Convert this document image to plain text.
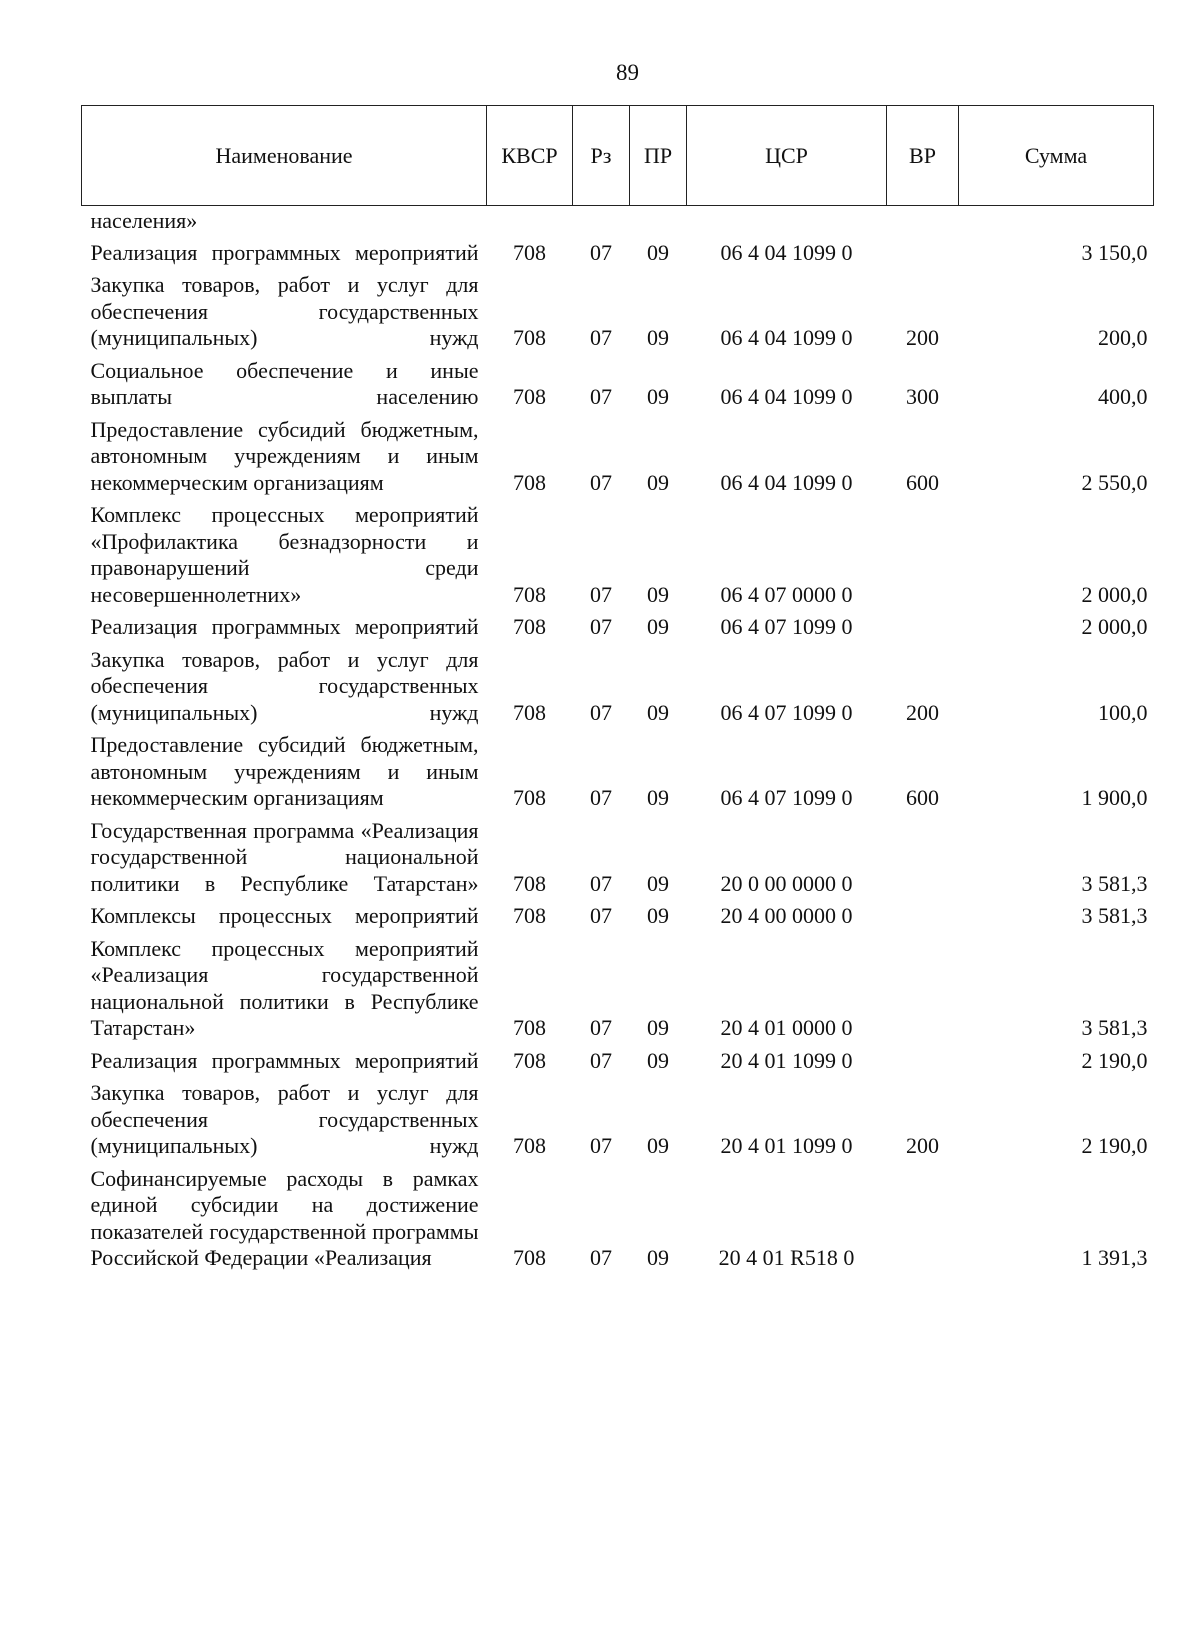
89
Наименование	КВСР	Рз	ПР	ЦСР	ВР	Сумма
населения»						
Реализация программных мероприятий	708	07	09	06 4 04 1099 0		3 150,0
Закупка товаров, работ и услуг для обеспечения государственных (муниципальных) нужд	708	07	09	06 4 04 1099 0	200	200,0
Социальное обеспечение и иные выплаты населению	708	07	09	06 4 04 1099 0	300	400,0
Предоставление субсидий бюджетным, автономным учреждениям и иным некоммерческим организациям	708	07	09	06 4 04 1099 0	600	2 550,0
Комплекс процессных мероприятий «Профилактика безнадзорности и правонарушений среди несовершеннолетних»	708	07	09	06 4 07 0000 0		2 000,0
Реализация программных мероприятий	708	07	09	06 4 07 1099 0		2 000,0
Закупка товаров, работ и услуг для обеспечения государственных (муниципальных) нужд	708	07	09	06 4 07 1099 0	200	100,0
Предоставление субсидий бюджетным, автономным учреждениям и иным некоммерческим организациям	708	07	09	06 4 07 1099 0	600	1 900,0
Государственная программа «Реализация государственной национальной политики в Республике Татарстан»	708	07	09	20 0 00 0000 0		3 581,3
Комплексы процессных мероприятий	708	07	09	20 4 00 0000 0		3 581,3
Комплекс процессных мероприятий «Реализация государственной национальной политики в Республике Татарстан»	708	07	09	20 4 01 0000 0		3 581,3
Реализация программных мероприятий	708	07	09	20 4 01 1099 0		2 190,0
Закупка товаров, работ и услуг для обеспечения государственных (муниципальных) нужд	708	07	09	20 4 01 1099 0	200	2 190,0
Софинансируемые расходы в рамках единой субсидии на достижение показателей государственной программы Российской Федерации «Реализация	708	07	09	20 4 01 R518 0		1 391,3
